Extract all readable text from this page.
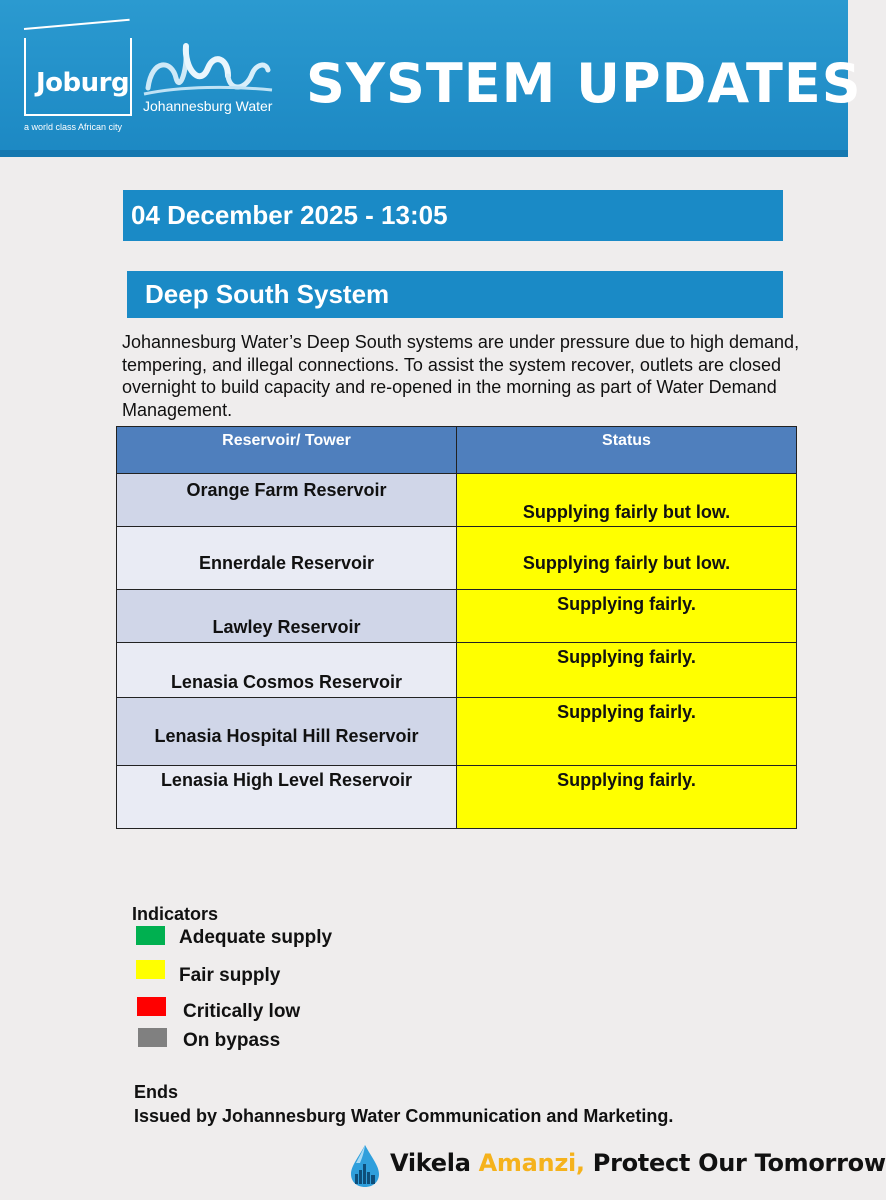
Joburg
a world class African city
Johannesburg Water SYSTEM UPDATES
04 December 2025 - 13:05
Deep South System
Johannesburg Water’s Deep South systems are under pressure due to high demand, tempering, and illegal connections. To assist the system recover, outlets are closed overnight to build capacity and re-opened in the morning as part of Water Demand Management.
Reservoir/ Tower	Status
Orange Farm Reservoir	Supplying fairly but low.
Ennerdale Reservoir	Supplying fairly but low.
Lawley Reservoir	Supplying fairly.
Lenasia Cosmos Reservoir	Supplying fairly.
Lenasia Hospital Hill Reservoir	Supplying fairly.
Lenasia High Level Reservoir	Supplying fairly.
Indicators
Adequate supply
Fair supply
Critically low
On bypass
Ends
Issued by Johannesburg Water Communication and Marketing.
Vikela Amanzi, Protect Our Tomorrow
